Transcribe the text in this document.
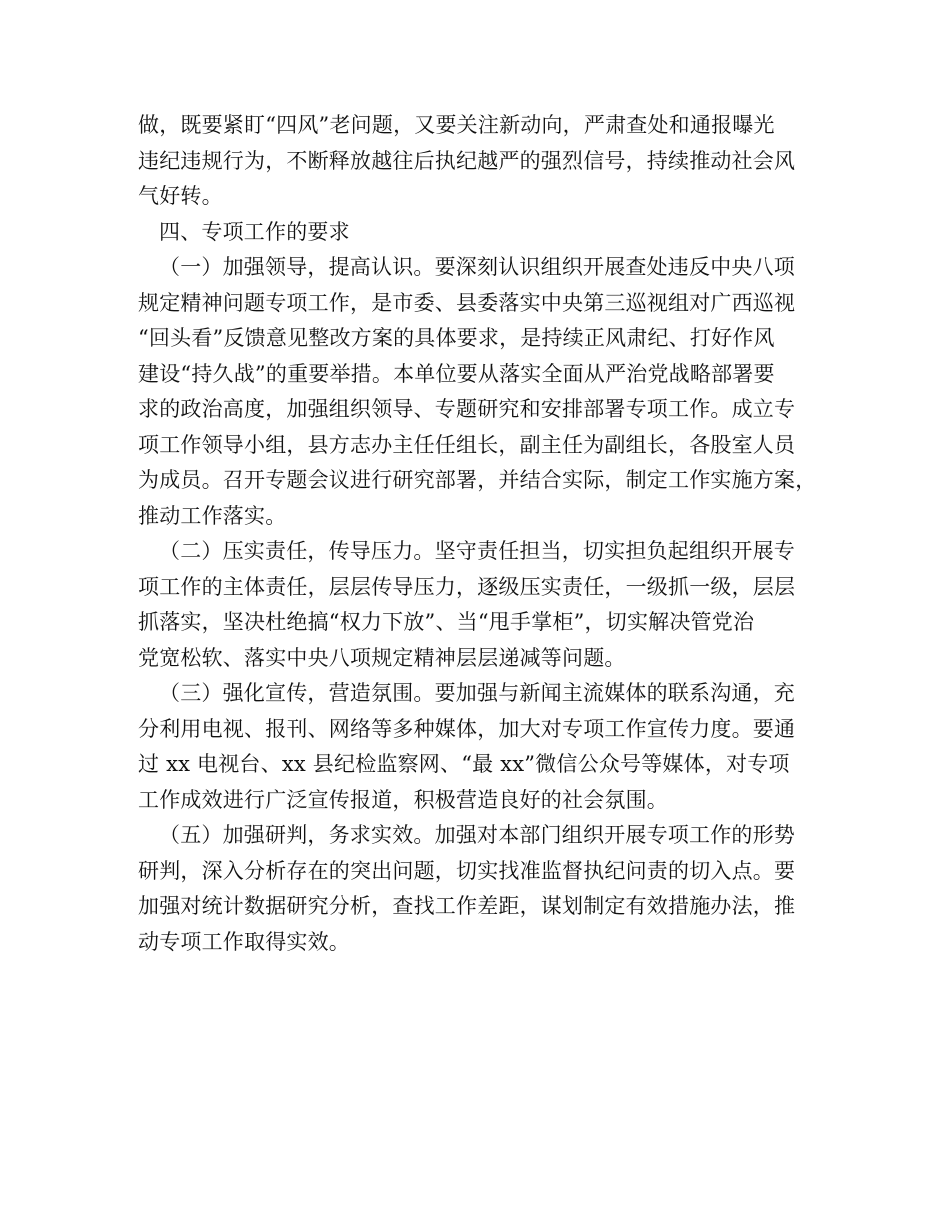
做，既要紧盯“四风”老问题，又要关注新动向，严肃查处和通报曝光
违纪违规行为，不断释放越往后执纪越严的强烈信号，持续推动社会风
气好转。

四、专项工作的要求

（一）加强领导，提高认识。要深刻认识组织开展查处违反中央八项
规定精神问题专项工作，是市委、县委落实中央第三巡视组对广西巡视
“回头看”反馈意见整改方案的具体要求，是持续正风肃纪、打好作风
建设“持久战”的重要举措。本单位要从落实全面从严治党战略部署要
求的政治高度，加强组织领导、专题研究和安排部署专项工作。成立专
项工作领导小组，县方志办主任任组长，副主任为副组长，各股室人员
为成员。召开专题会议进行研究部署，并结合实际，制定工作实施方案，
推动工作落实。

（二）压实责任，传导压力。坚守责任担当，切实担负起组织开展专
项工作的主体责任，层层传导压力，逐级压实责任，一级抓一级，层层
抓落实，坚决杜绝搞“权力下放”、当“甩手掌柜”，切实解决管党治
党宽松软、落实中央八项规定精神层层递减等问题。

（三）强化宣传，营造氛围。要加强与新闻主流媒体的联系沟通，充
分利用电视、报刊、网络等多种媒体，加大对专项工作宣传力度。要通
过 xx 电视台、xx 县纪检监察网、“最 xx”微信公众号等媒体，对专项
工作成效进行广泛宣传报道，积极营造良好的社会氛围。

（五）加强研判，务求实效。加强对本部门组织开展专项工作的形势
研判，深入分析存在的突出问题，切实找准监督执纪问责的切入点。要
加强对统计数据研究分析，查找工作差距，谋划制定有效措施办法，推
动专项工作取得实效。
